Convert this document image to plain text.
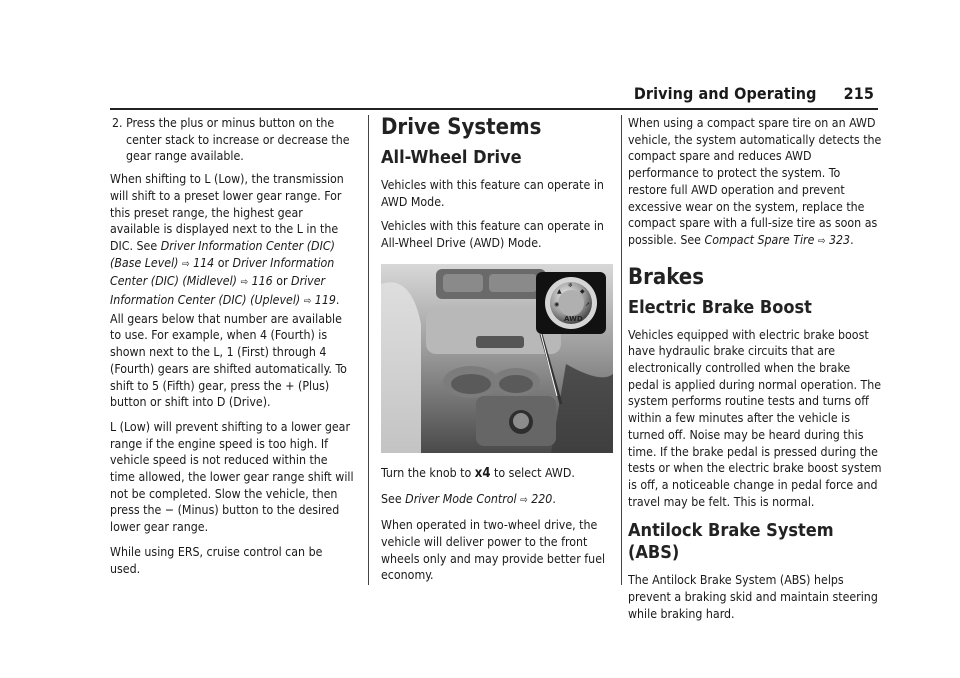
Driving and Operating 215

2. Press the plus or minus button on the center stack to increase or decrease the gear range available.

When shifting to L (Low), the transmission will shift to a preset lower gear range. For this preset range, the highest gear available is displayed next to the L in the DIC. See Driver Information Center (DIC) (Base Level) ⇨ 114 or Driver Information Center (DIC) (Midlevel) ⇨ 116 or Driver Information Center (DIC) (Uplevel) ⇨ 119. All gears below that number are available to use. For example, when 4 (Fourth) is shown next to the L, 1 (First) through 4 (Fourth) gears are shifted automatically. To shift to 5 (Fifth) gear, press the + (Plus) button or shift into D (Drive).

L (Low) will prevent shifting to a lower gear range if the engine speed is too high. If vehicle speed is not reduced within the time allowed, the lower gear range shift will not be completed. Slow the vehicle, then press the − (Minus) button to the desired lower gear range.

While using ERS, cruise control can be used.

Drive Systems
All-Wheel Drive

Vehicles with this feature can operate in AWD Mode.

Vehicles with this feature can operate in All-Wheel Drive (AWD) Mode.

▲
❄
◆
◉	➚
AWD

Turn the knob to x4 to select AWD.

See Driver Mode Control ⇨ 220.

When operated in two-wheel drive, the vehicle will deliver power to the front wheels only and may provide better fuel economy.

When using a compact spare tire on an AWD vehicle, the system automatically detects the compact spare and reduces AWD performance to protect the system. To restore full AWD operation and prevent excessive wear on the system, replace the compact spare with a full-size tire as soon as possible. See Compact Spare Tire ⇨ 323.

Brakes
Electric Brake Boost

Vehicles equipped with electric brake boost have hydraulic brake circuits that are electronically controlled when the brake pedal is applied during normal operation. The system performs routine tests and turns off within a few minutes after the vehicle is turned off. Noise may be heard during this time. If the brake pedal is pressed during the tests or when the electric brake boost system is off, a noticeable change in pedal force and travel may be felt. This is normal.

Antilock Brake System (ABS)

The Antilock Brake System (ABS) helps prevent a braking skid and maintain steering while braking hard.
